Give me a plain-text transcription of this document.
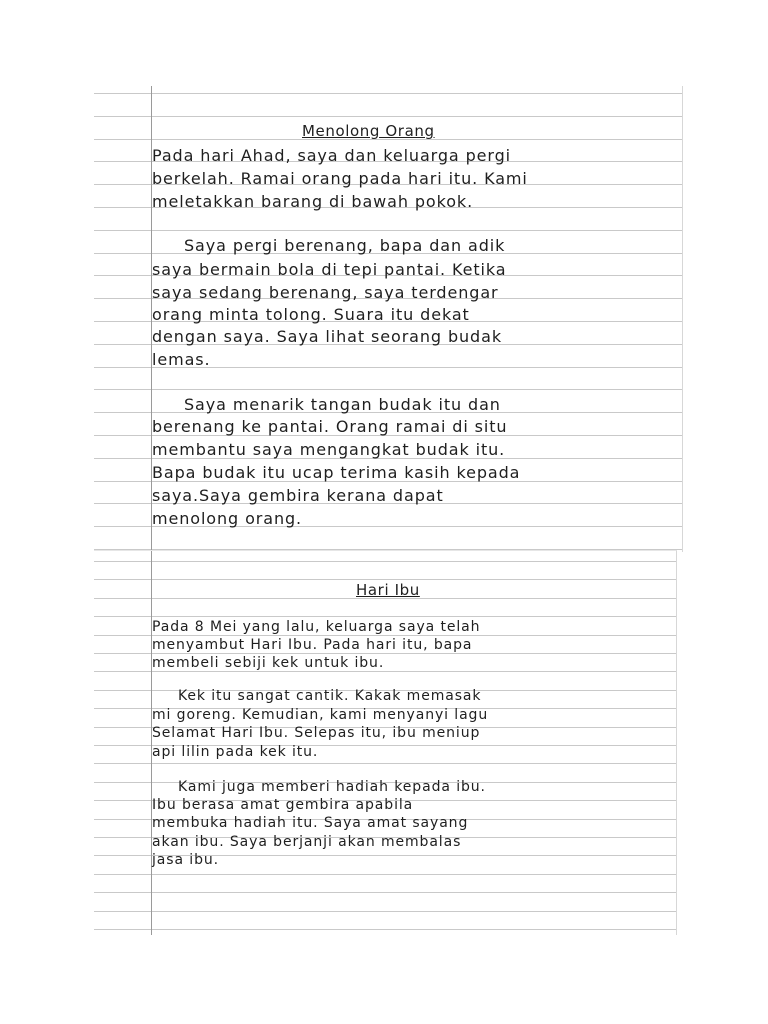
Menolong Orang
Pada hari Ahad, saya dan keluarga pergi
berkelah. Ramai orang pada hari itu. Kami
meletakkan barang di bawah pokok.
Saya pergi berenang, bapa dan adik
saya bermain bola di tepi pantai. Ketika
saya sedang berenang, saya terdengar
orang minta tolong. Suara itu dekat
dengan saya. Saya lihat seorang budak
lemas.
Saya menarik tangan budak itu dan
berenang ke pantai. Orang ramai di situ
membantu saya mengangkat budak itu.
Bapa budak itu ucap terima kasih kepada
saya.Saya gembira kerana dapat
menolong orang.
Hari Ibu
Pada 8 Mei yang lalu, keluarga saya telah
menyambut Hari Ibu. Pada hari itu, bapa
membeli sebiji kek untuk ibu.
Kek itu sangat cantik. Kakak memasak
mi goreng. Kemudian, kami menyanyi lagu
Selamat Hari Ibu. Selepas itu, ibu meniup
api lilin pada kek itu.
Kami juga memberi hadiah kepada ibu.
Ibu berasa amat gembira apabila
membuka hadiah itu. Saya amat sayang
akan ibu. Saya berjanji akan membalas
jasa ibu.
